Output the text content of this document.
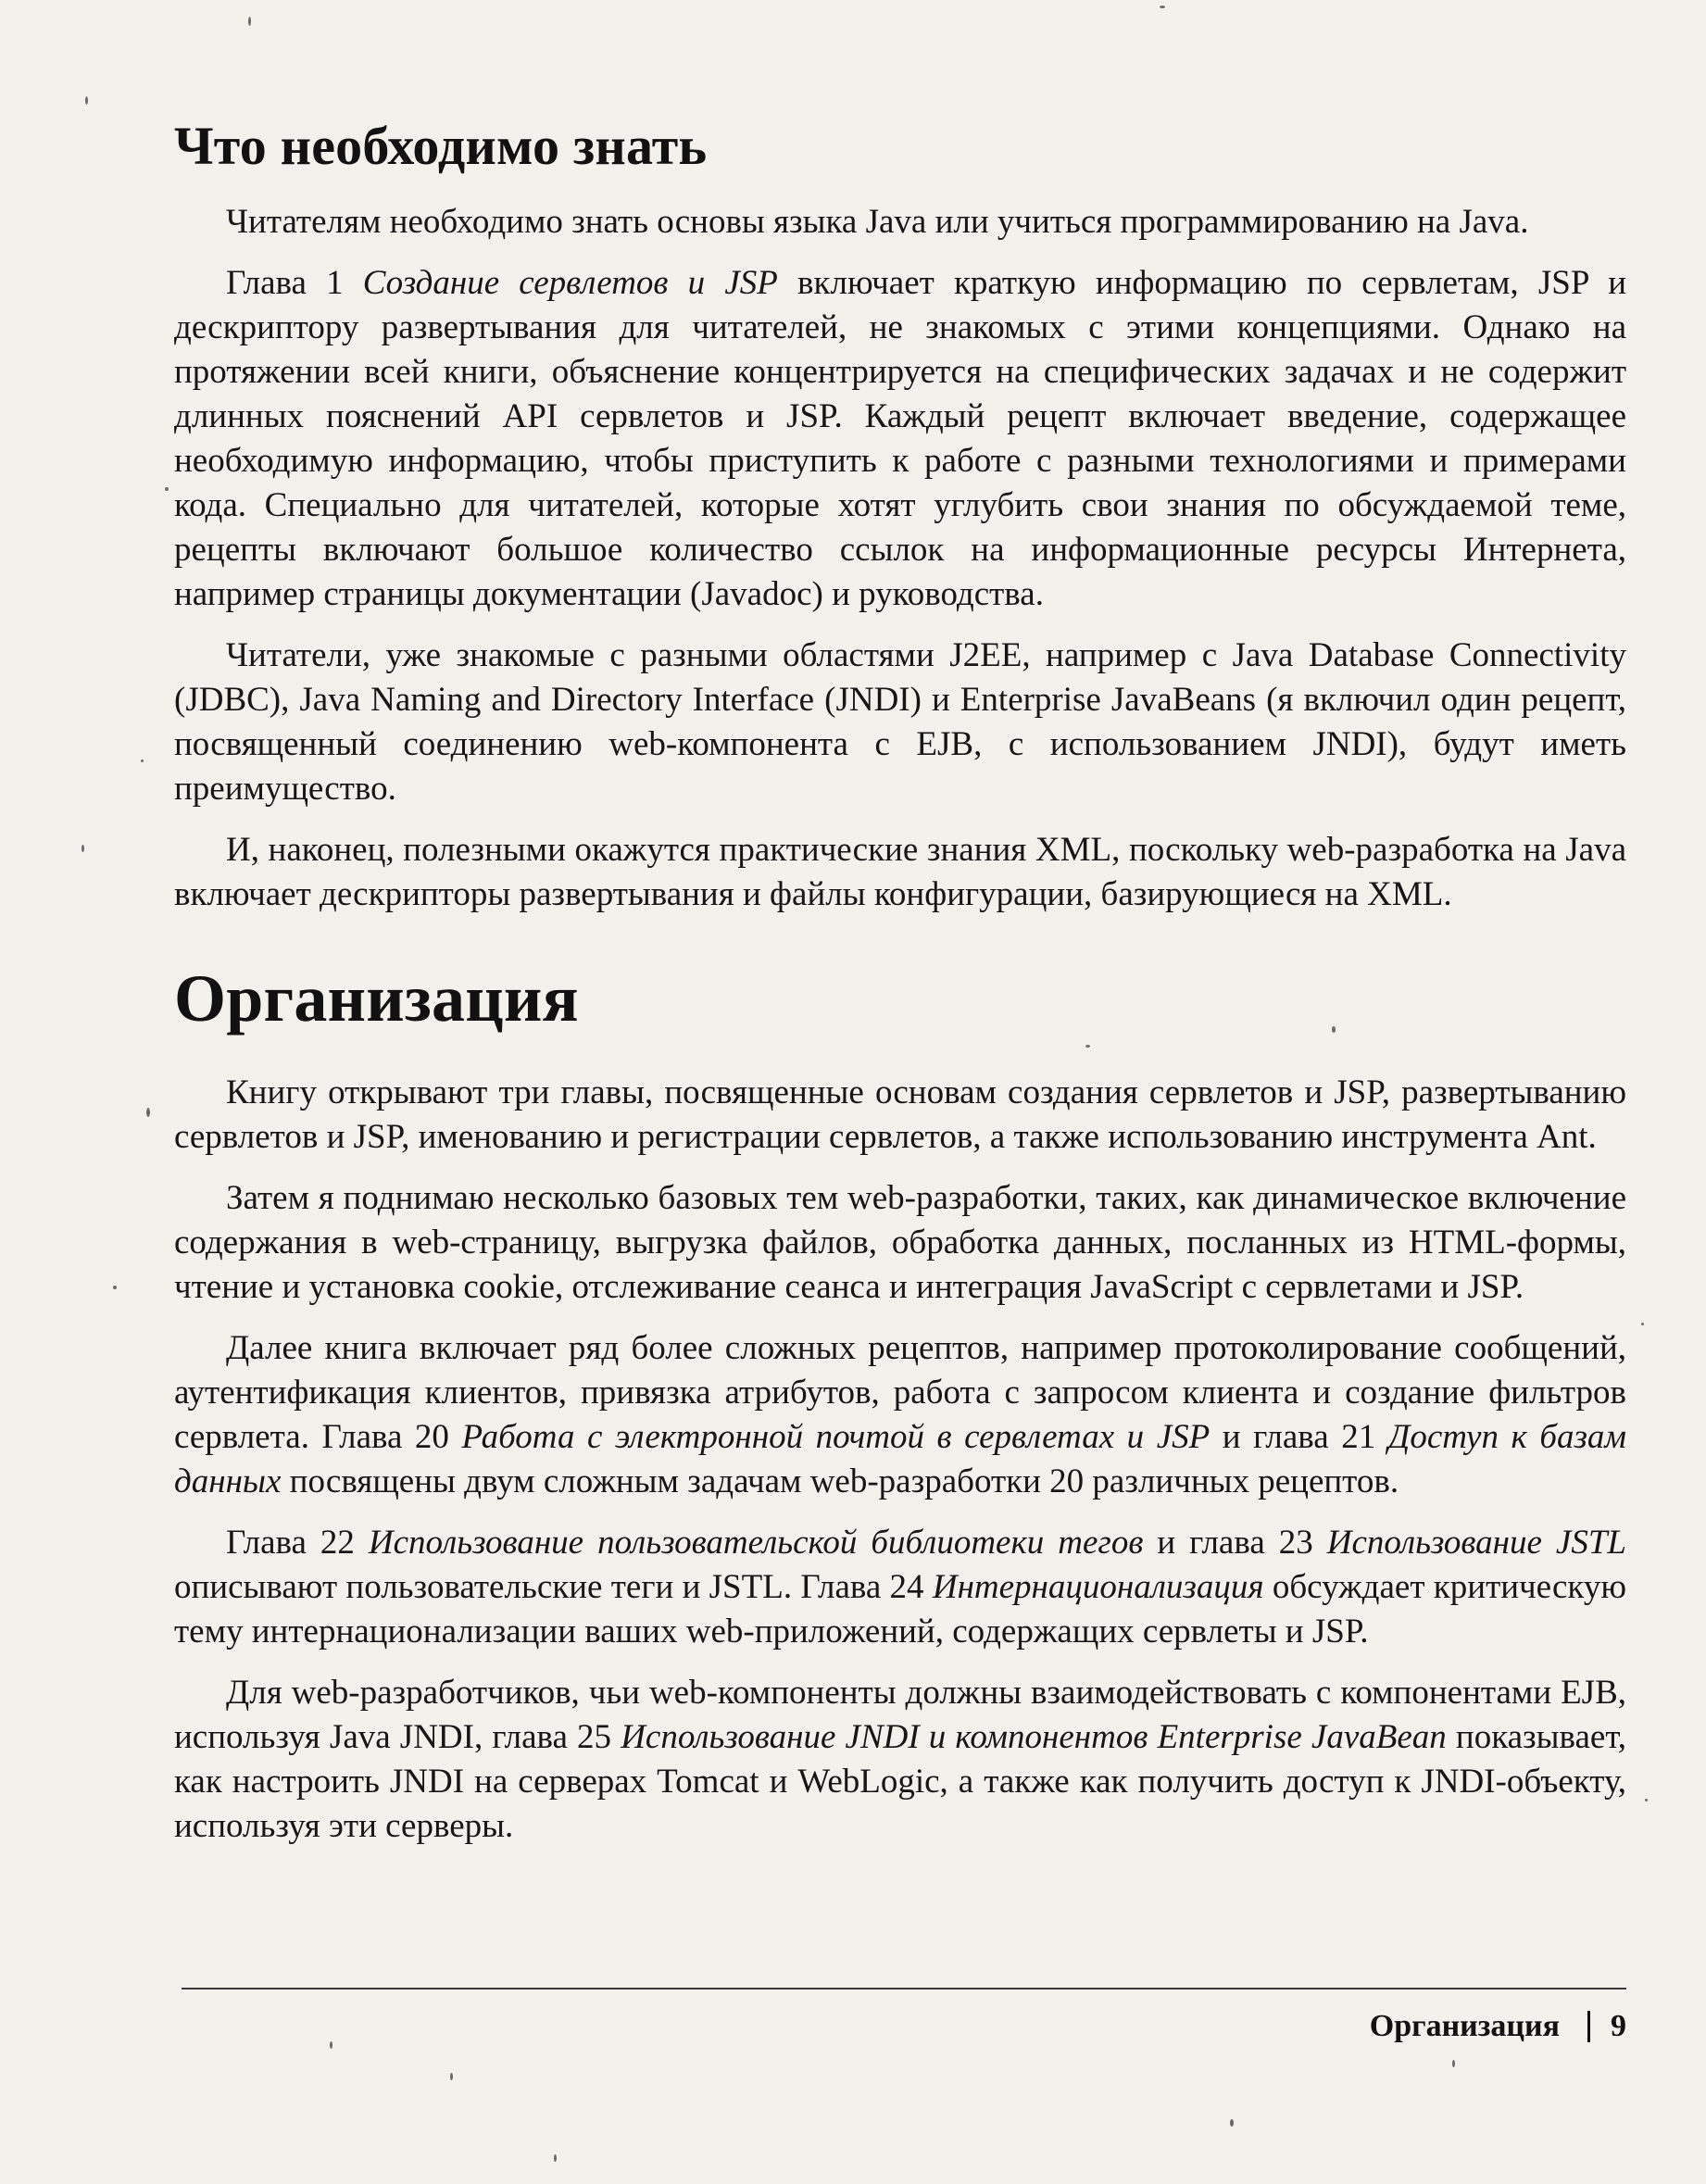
Что необходимо знать

Читателям необходимо знать основы языка Java или учиться программированию на Java.

Глава 1 Создание сервлетов и JSP включает краткую информацию по сервлетам, JSP и дескриптору развертывания для читателей, не знакомых с этими концепциями. Однако на протяжении всей книги, объяснение концентрируется на специфических задачах и не содержит длинных пояснений API сервлетов и JSP. Каждый рецепт включает введение, содержащее необходимую информацию, чтобы приступить к работе с разными технологиями и примерами кода. Специально для читателей, которые хотят углубить свои знания по обсуждаемой теме, рецепты включают большое количество ссылок на информационные ресурсы Интернета, например страницы документации (Javadoc) и руководства.

Читатели, уже знакомые с разными областями J2EE, например с Java Database Connectivity (JDBC), Java Naming and Directory Interface (JNDI) и Enterprise JavaBeans (я включил один рецепт, посвященный соединению web-компонента с EJB, с использованием JNDI), будут иметь преимущество.

И, наконец, полезными окажутся практические знания XML, поскольку web-разработка на Java включает дескрипторы развертывания и файлы конфигурации, базирующиеся на XML.

Организация

Книгу открывают три главы, посвященные основам создания сервлетов и JSP, развертыванию сервлетов и JSP, именованию и регистрации сервлетов, а также использованию инструмента Ant.

Затем я поднимаю несколько базовых тем web-разработки, таких, как динамическое включение содержания в web-страницу, выгрузка файлов, обработка данных, посланных из HTML-формы, чтение и установка cookie, отслеживание сеанса и интеграция JavaScript с сервлетами и JSP.

Далее книга включает ряд более сложных рецептов, например протоколирование сообщений, аутентификация клиентов, привязка атрибутов, работа с запросом клиента и создание фильтров сервлета. Глава 20 Работа с электронной почтой в сервлетах и JSP и глава 21 Доступ к базам данных посвящены двум сложным задачам web-разработки 20 различных рецептов.

Глава 22 Использование пользовательской библиотеки тегов и глава 23 Использование JSTL описывают пользовательские теги и JSTL. Глава 24 Интернационализация обсуждает критическую тему интернационализации ваших web-приложений, содержащих сервлеты и JSP.

Для web-разработчиков, чьи web-компоненты должны взаимодействовать с компонентами EJB, используя Java JNDI, глава 25 Использование JNDI и компонентов Enterprise JavaBean показывает, как настроить JNDI на серверах Tomcat и WebLogic, а также как получить доступ к JNDI-объекту, используя эти серверы.

Организация 9
